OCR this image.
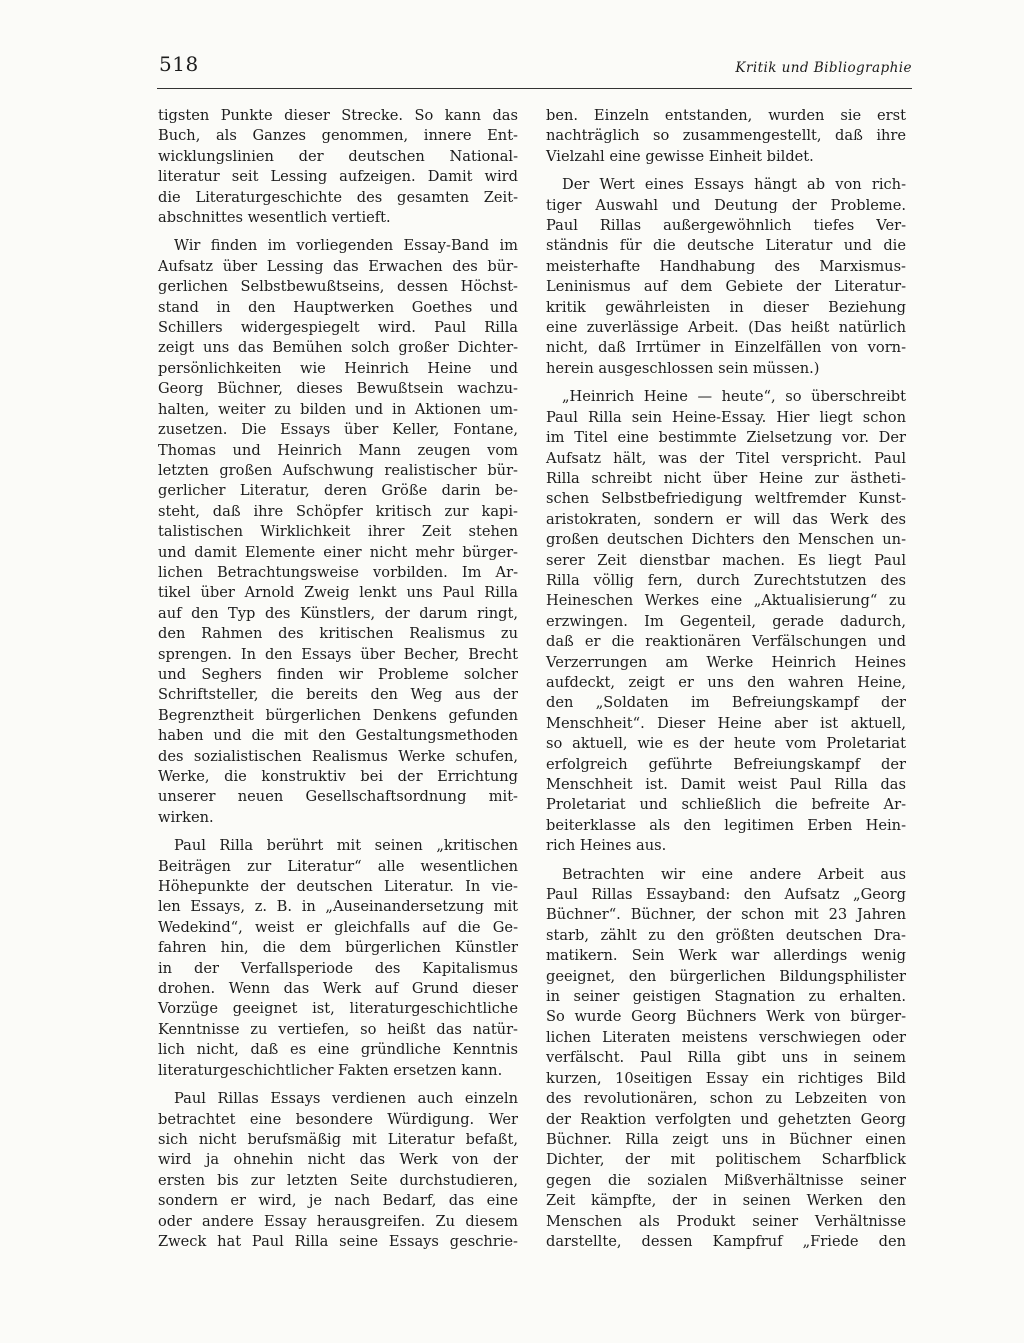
518	Kritik und Bibliographie
tigsten Punkte dieser Strecke. So kann das
Buch, als Ganzes genommen, innere Ent-
wicklungslinien der deutschen National-
literatur seit Lessing aufzeigen. Damit wird
die Literaturgeschichte des gesamten Zeit-
abschnittes wesentlich vertieft.
Wir finden im vorliegenden Essay-Band im
Aufsatz über Lessing das Erwachen des bür-
gerlichen Selbstbewußtseins, dessen Höchst-
stand in den Hauptwerken Goethes und
Schillers widergespiegelt wird. Paul Rilla
zeigt uns das Bemühen solch großer Dichter-
persönlichkeiten wie Heinrich Heine und
Georg Büchner, dieses Bewußtsein wachzu-
halten, weiter zu bilden und in Aktionen um-
zusetzen. Die Essays über Keller, Fontane,
Thomas und Heinrich Mann zeugen vom
letzten großen Aufschwung realistischer bür-
gerlicher Literatur, deren Größe darin be-
steht, daß ihre Schöpfer kritisch zur kapi-
talistischen Wirklichkeit ihrer Zeit stehen
und damit Elemente einer nicht mehr bürger-
lichen Betrachtungsweise vorbilden. Im Ar-
tikel über Arnold Zweig lenkt uns Paul Rilla
auf den Typ des Künstlers, der darum ringt,
den Rahmen des kritischen Realismus zu
sprengen. In den Essays über Becher, Brecht
und Seghers finden wir Probleme solcher
Schriftsteller, die bereits den Weg aus der
Begrenztheit bürgerlichen Denkens gefunden
haben und die mit den Gestaltungsmethoden
des sozialistischen Realismus Werke schufen,
Werke, die konstruktiv bei der Errichtung
unserer neuen Gesellschaftsordnung mit-
wirken.
Paul Rilla berührt mit seinen „kritischen
Beiträgen zur Literatur“ alle wesentlichen
Höhepunkte der deutschen Literatur. In vie-
len Essays, z. B. in „Auseinandersetzung mit
Wedekind“, weist er gleichfalls auf die Ge-
fahren hin, die dem bürgerlichen Künstler
in der Verfallsperiode des Kapitalismus
drohen. Wenn das Werk auf Grund dieser
Vorzüge geeignet ist, literaturgeschichtliche
Kenntnisse zu vertiefen, so heißt das natür-
lich nicht, daß es eine gründliche Kenntnis
literaturgeschichtlicher Fakten ersetzen kann.
Paul Rillas Essays verdienen auch einzeln
betrachtet eine besondere Würdigung. Wer
sich nicht berufsmäßig mit Literatur befaßt,
wird ja ohnehin nicht das Werk von der
ersten bis zur letzten Seite durchstudieren,
sondern er wird, je nach Bedarf, das eine
oder andere Essay herausgreifen. Zu diesem
Zweck hat Paul Rilla seine Essays geschrie-
ben. Einzeln entstanden, wurden sie erst
nachträglich so zusammengestellt, daß ihre
Vielzahl eine gewisse Einheit bildet.
Der Wert eines Essays hängt ab von rich-
tiger Auswahl und Deutung der Probleme.
Paul Rillas außergewöhnlich tiefes Ver-
ständnis für die deutsche Literatur und die
meisterhafte Handhabung des Marxismus-
Leninismus auf dem Gebiete der Literatur-
kritik gewährleisten in dieser Beziehung
eine zuverlässige Arbeit. (Das heißt natürlich
nicht, daß Irrtümer in Einzelfällen von vorn-
herein ausgeschlossen sein müssen.)
„Heinrich Heine — heute“, so überschreibt
Paul Rilla sein Heine-Essay. Hier liegt schon
im Titel eine bestimmte Zielsetzung vor. Der
Aufsatz hält, was der Titel verspricht. Paul
Rilla schreibt nicht über Heine zur ästheti-
schen Selbstbefriedigung weltfremder Kunst-
aristokraten, sondern er will das Werk des
großen deutschen Dichters den Menschen un-
serer Zeit dienstbar machen. Es liegt Paul
Rilla völlig fern, durch Zurechtstutzen des
Heineschen Werkes eine „Aktualisierung“ zu
erzwingen. Im Gegenteil, gerade dadurch,
daß er die reaktionären Verfälschungen und
Verzerrungen am Werke Heinrich Heines
aufdeckt, zeigt er uns den wahren Heine,
den „Soldaten im Befreiungskampf der
Menschheit“. Dieser Heine aber ist aktuell,
so aktuell, wie es der heute vom Proletariat
erfolgreich geführte Befreiungskampf der
Menschheit ist. Damit weist Paul Rilla das
Proletariat und schließlich die befreite Ar-
beiterklasse als den legitimen Erben Hein-
rich Heines aus.
Betrachten wir eine andere Arbeit aus
Paul Rillas Essayband: den Aufsatz „Georg
Büchner“. Büchner, der schon mit 23 Jahren
starb, zählt zu den größten deutschen Dra-
matikern. Sein Werk war allerdings wenig
geeignet, den bürgerlichen Bildungsphilister
in seiner geistigen Stagnation zu erhalten.
So wurde Georg Büchners Werk von bürger-
lichen Literaten meistens verschwiegen oder
verfälscht. Paul Rilla gibt uns in seinem
kurzen, 10seitigen Essay ein richtiges Bild
des revolutionären, schon zu Lebzeiten von
der Reaktion verfolgten und gehetzten Georg
Büchner. Rilla zeigt uns in Büchner einen
Dichter, der mit politischem Scharfblick
gegen die sozialen Mißverhältnisse seiner
Zeit kämpfte, der in seinen Werken den
Menschen als Produkt seiner Verhältnisse
darstellte, dessen Kampfruf „Friede den
